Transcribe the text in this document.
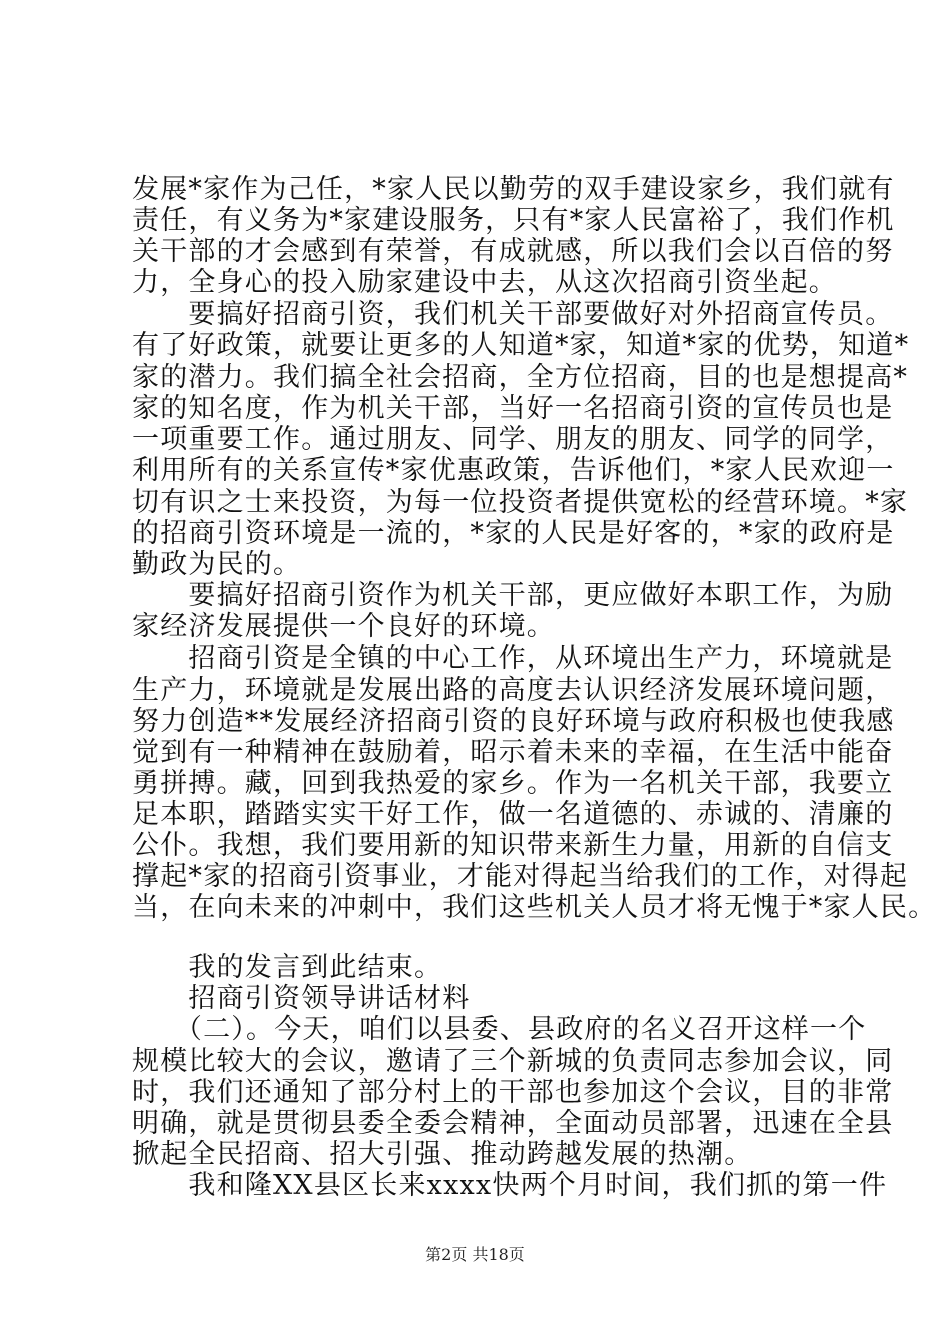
发展*家作为己任，*家人民以勤劳的双手建设家乡，我们就有
责任，有义务为*家建设服务，只有*家人民富裕了，我们作机
关干部的才会感到有荣誉，有成就感，所以我们会以百倍的努
力，全身心的投入励家建设中去，从这次招商引资坐起。
　　要搞好招商引资，我们机关干部要做好对外招商宣传员。
有了好政策，就要让更多的人知道*家，知道*家的优势，知道*
家的潜力。我们搞全社会招商，全方位招商，目的也是想提高*
家的知名度，作为机关干部，当好一名招商引资的宣传员也是
一项重要工作。通过朋友、同学、朋友的朋友、同学的同学，
利用所有的关系宣传*家优惠政策，告诉他们，*家人民欢迎一
切有识之士来投资，为每一位投资者提供宽松的经营环境。*家
的招商引资环境是一流的，*家的人民是好客的，*家的政府是
勤政为民的。
　　要搞好招商引资作为机关干部，更应做好本职工作，为励
家经济发展提供一个良好的环境。
　　招商引资是全镇的中心工作，从环境出生产力，环境就是
生产力，环境就是发展出路的高度去认识经济发展环境问题，
努力创造**发展经济招商引资的良好环境与政府积极也使我感
觉到有一种精神在鼓励着，昭示着未来的幸福，在生活中能奋
勇拼搏。藏，回到我热爱的家乡。作为一名机关干部，我要立
足本职，踏踏实实干好工作，做一名道德的、赤诚的、清廉的
公仆。我想，我们要用新的知识带来新生力量，用新的自信支
撑起*家的招商引资事业，才能对得起当给我们的工作，对得起
当，在向未来的冲刺中，我们这些机关人员才将无愧于*家人民。
　　我的发言到此结束。
　　招商引资领导讲话材料
　　（二）。今天，咱们以县委、县政府的名义召开这样一个
规模比较大的会议，邀请了三个新城的负责同志参加会议，同
时，我们还通知了部分村上的干部也参加这个会议，目的非常
明确，就是贯彻县委全委会精神，全面动员部署，迅速在全县
掀起全民招商、招大引强、推动跨越发展的热潮。
　　我和隆XX县区长来xxxx快两个月时间，我们抓的第一件
第2页 共18页
